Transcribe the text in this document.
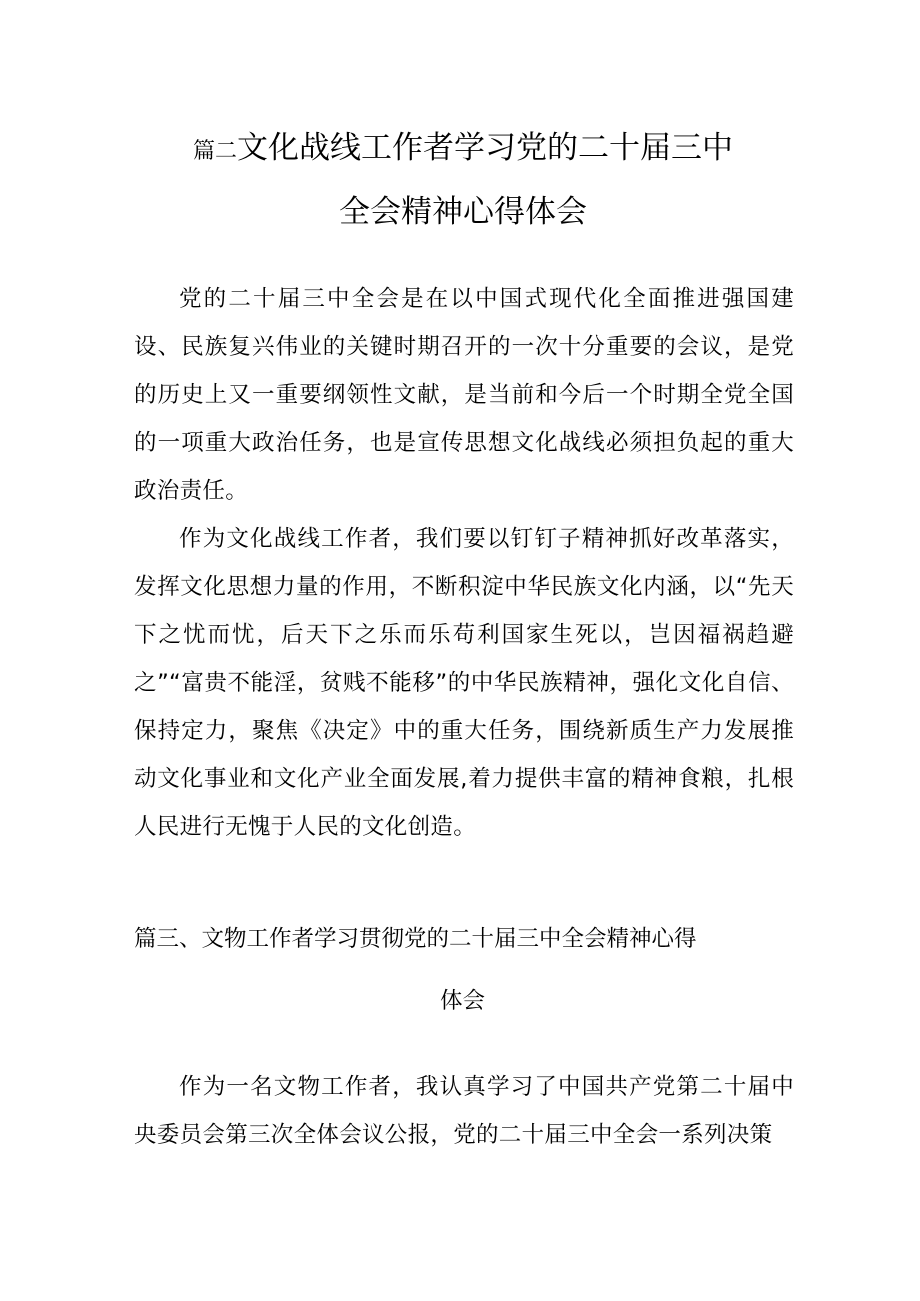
篇二文化战线工作者学习党的二十届三中
全会精神心得体会
党的二十届三中全会是在以中国式现代化全面推进强国建设、民族复兴伟业的关键时期召开的一次十分重要的会议，是党的历史上又一重要纲领性文献，是当前和今后一个时期全党全国的一项重大政治任务，也是宣传思想文化战线必须担负起的重大政治责任。
作为文化战线工作者，我们要以钉钉子精神抓好改革落实，发挥文化思想力量的作用，不断积淀中华民族文化内涵，以“先天下之忧而忧，后天下之乐而乐苟利国家生死以，岂因福祸趋避之”“富贵不能淫，贫贱不能移”的中华民族精神，强化文化自信、保持定力，聚焦《决定》中的重大任务，围绕新质生产力发展推动文化事业和文化产业全面发展,着力提供丰富的精神食粮，扎根人民进行无愧于人民的文化创造。
篇三、文物工作者学习贯彻党的二十届三中全会精神心得
体会
作为一名文物工作者，我认真学习了中国共产党第二十届中央委员会第三次全体会议公报，党的二十届三中全会一系列决策
